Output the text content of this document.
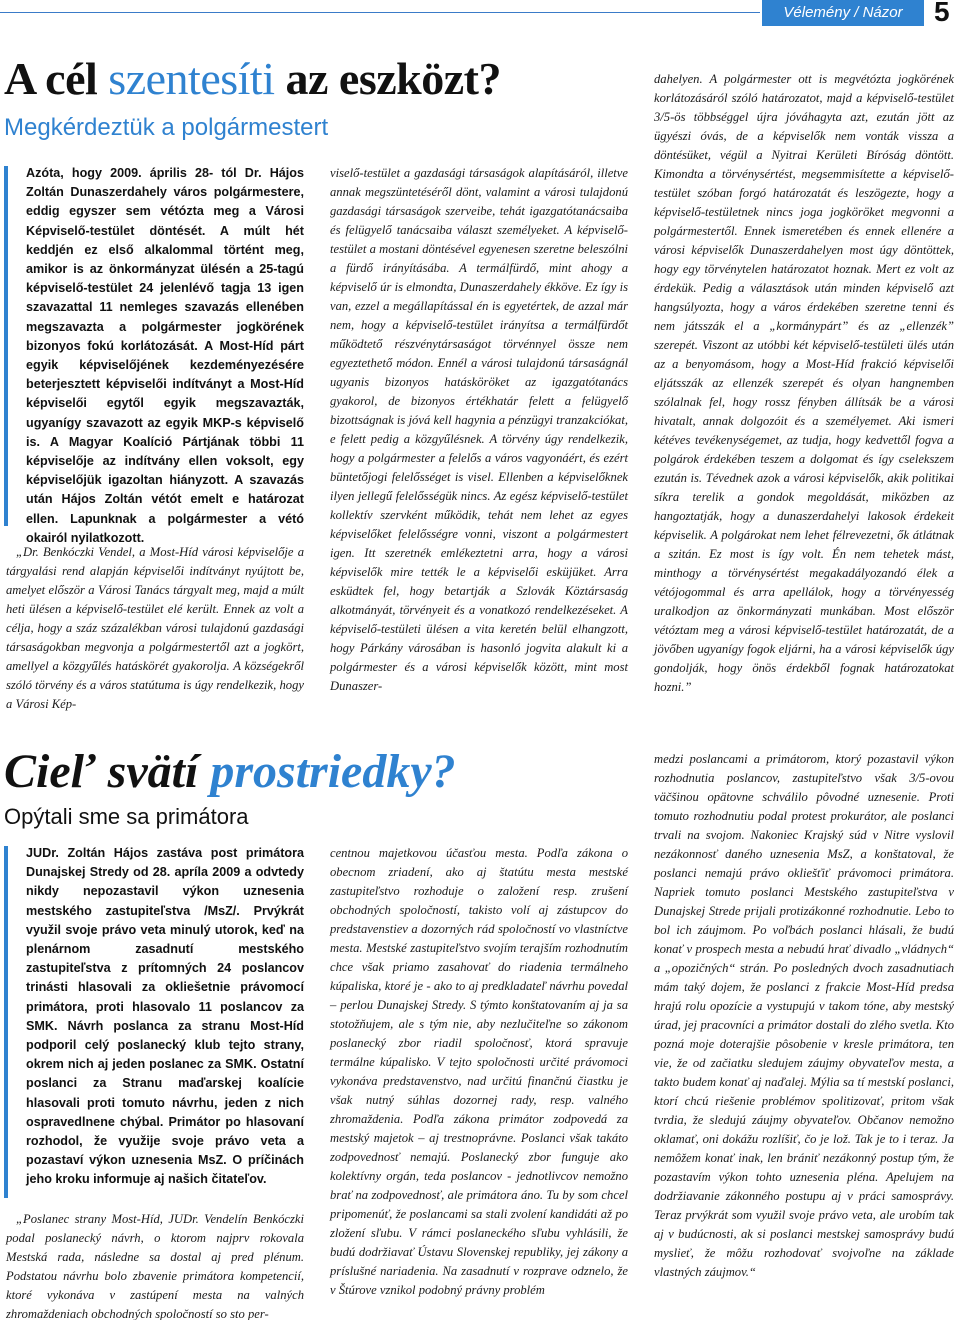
Vélemény / Názor	5
A cél szentesíti az eszközt?
Megkérdeztük a polgármestert
Azóta, hogy 2009. április 28- tól Dr. Hájos Zoltán Dunaszerdahely város polgármestere, eddig egyszer sem vétózta meg a Városi Képviselő-testület döntését. A múlt hét keddjén ez első alkalommal történt meg, amikor is az önkormányzat ülésén a 25-tagú képviselő-testület 24 jelenlévő tagja 13 igen szavazattal 11 nemleges szavazás ellenében megszavazta a polgármester jogkörének bizonyos fokú korlátozását. A Most-Híd párt egyik képviselőjének kezdeményezésére beterjesztett képviselői indítványt a Most-Híd képviselői egytől egyik megszavazták, ugyanígy szavazott az egyik MKP-s képviselő is. A Magyar Koalíció Pártjának többi 11 képviselője az indítvány ellen voksolt, egy képviselőjük igazoltan hiányzott. A szavazás után Hájos Zoltán vétót emelt e határozat ellen. Lapunknak a polgármester a vétó okairól nyilatkozott.

„Dr. Benkóczki Vendel, a Most-Híd városi képviselője a tárgyalási rend alapján képviselői indítványt nyújtott be, amelyet először a Városi Tanács tárgyalt meg, majd a múlt heti ülésen a képviselő-testület elé került. Ennek az volt a célja, hogy a száz százalékban városi tulajdonú gazdasági társaságokban megvonja a polgármestertől azt a jogkört, amellyel a közgyűlés hatáskörét gyakorolja. A községekről szóló törvény és a város statútuma is úgy rendelkezik, hogy a Városi Kép-

viselő-testület a gazdasági társaságok alapításáról, illetve annak megszüntetéséről dönt, valamint a városi tulajdonú gazdasági társaságok szerveibe, tehát igazgatótanácsaiba és felügyelő tanácsaiba választ személyeket. A képviselő-testület a mostani döntésével egyenesen szeretne beleszólni a fürdő irányításába. A termálfürdő, mint ahogy a képviselő úr is elmondta, Dunaszerdahely ékköve. Ez így is van, ezzel a megállapítással én is egyetértek, de azzal már nem, hogy a képviselő-testület irányítsa a termálfürdőt működtető részvénytársaságot törvénnyel össze nem egyeztethető módon. Ennél a városi tulajdonú társaságnál ugyanis bizonyos hatásköröket az igazgatótanács gyakorol, de bizonyos értékhatár felett a felügyelő bizottságnak is jóvá kell hagynia a pénzügyi tranzakciókat, e felett pedig a közgyűlésnek. A törvény úgy rendelkezik, hogy a polgármester a felelős a város vagyonáért, és ezért büntetőjogi felelősséget is visel. Ellenben a képviselőknek ilyen jellegű felelősségük nincs. Az egész képviselő-testület kollektív szervként működik, tehát nem lehet az egyes képviselőket felelősségre vonni, viszont a polgármestert igen. Itt szeretnék emlékeztetni arra, hogy a városi képviselők mire tették le a képviselői esküjüket. Arra esküdtek fel, hogy betartják a Szlovák Köztársaság alkotmányát, törvényeit és a vonatkozó rendelkezéseket. A képviselő-testületi ülésen a vita keretén belül elhangzott, hogy Párkány városában is hasonló jogvita alakult ki a polgármester és a városi képviselők között, mint most Dunaszer-

dahelyen. A polgármester ott is megvétózta jogkörének korlátozásáról szóló határozatot, majd a képviselő-testület 3/5-ös többséggel újra jóváhagyta azt, ezután jött az ügyészi óvás, de a képviselők nem vonták vissza a döntésüket, végül a Nyitrai Kerületi Bíróság döntött. Kimondta a törvénysértést, megsemmisítette a képviselő-testület szóban forgó határozatát és leszögezte, hogy a képviselő-testületnek nincs joga jogköröket megvonni a polgármestertől. Ennek ismeretében és ennek ellenére a városi képviselők Dunaszerdahelyen most úgy döntöttek, hogy egy törvénytelen határozatot hoznak. Mert ez volt az érdekük. Pedig a választások után minden képviselő azt hangsúlyozta, hogy a város érdekében szeretne tenni és nem játsszák el a „kormánypárt” és az „ellenzék” szerepét. Viszont az utóbbi két képviselő-testületi ülés után az a benyomásom, hogy a Most-Híd frakció képviselői eljátsszák az ellenzék szerepét és olyan hangnemben szólalnak fel, hogy rossz fényben állítsák be a városi hivatalt, annak dolgozóit és a személyemet. Aki ismeri kétéves tevékenységemet, az tudja, hogy kedvettől fogva a polgárok érdekében teszem a dolgomat és így cselekszem ezután is. Tévednek azok a városi képviselők, akik politikai síkra terelik a gondok megoldását, miközben az hangoztatják, hogy a dunaszerdahelyi lakosok érdekeit képviselik. A polgárokat nem lehet félrevezetni, ők átlátnak a szitán. Ez most is így volt. Én nem tehetek mást, minthogy a törvénysértést megakadályozandó élek a vétójogommal és arra apellálok, hogy a törvényesség uralkodjon az önkormányzati munkában. Most először vétóztam meg a városi képviselő-testület határozatát, de a jövőben ugyanígy fogok eljárni, ha a városi képviselők úgy gondolják, hogy önös érdekből fognak határozatokat hozni.”

Cieľ svätí prostriedky?
Opýtali sme sa primátora
JUDr. Zoltán Hájos zastáva post primátora Dunajskej Stredy od 28. apríla 2009 a odvtedy nikdy nepozastavil výkon uznesenia mestského zastupiteľstva /MsZ/. Prvýkrát využil svoje právo veta minulý utorok, keď na plenárnom zasadnutí mestského zastupiteľstva z prítomných 24 poslancov trinásti hlasovali za okliešetnie právomocí primátora, proti hlasovalo 11 poslancov za SMK. Návrh poslanca za stranu Most-Híd podporil celý poslanecký klub tejto strany, okrem nich aj jeden poslanec za SMK. Ostatní poslanci za Stranu maďarskej koalície hlasovali proti tomuto návrhu, jeden z nich ospravedlnene chýbal. Primátor po hlasovaní rozhodol, že využije svoje právo veta a pozastaví výkon uznesenia MsZ. O príčinách jeho kroku informuje aj našich čitateľov.

„Poslanec strany Most-Híd, JUDr. Vendelín Benkóczki podal poslanecký návrh, o ktorom najprv rokovala Mestská rada, následne sa dostal aj pred plénum. Podstatou návrhu bolo zbavenie primátora kompetencií, ktoré vykonáva v zastúpení mesta na valných zhromaždeniach obchodných spoločností so sto per-

centnou majetkovou účasťou mesta. Podľa zákona o obecnom zriadení, ako aj štatútu mesta mestské zastupiteľstvo rozhoduje o založení resp. zrušení obchodných spoločností, takisto volí aj zástupcov do predstavenstiev a dozorných rád spoločností vo vlastníctve mesta. Mestské zastupiteľstvo svojím terajším rozhodnutím chce však priamo zasahovať do riadenia termálneho kúpaliska, ktoré je - ako to aj predkladateľ návrhu povedal – perlou Dunajskej Stredy. S týmto konštatovaním aj ja sa stotožňujem, ale s tým nie, aby nezlučiteľne so zákonom poslanecký zbor riadil spoločnosť, ktorá spravuje termálne kúpalisko. V tejto spoločnosti určité právomoci vykonáva predstavenstvo, nad určitú finančnú čiastku je však nutný súhlas dozornej rady, resp. valného zhromaždenia. Podľa zákona primátor zodpovedá za mestský majetok – aj trestnoprávne. Poslanci však takáto zodpovednosť nemajú. Poslanecký zbor funguje ako kolektívny orgán, teda poslancov - jednotlivcov nemožno brať na zodpovednosť, ale primátora áno. Tu by som chcel pripomenúť, že poslancami sa stali zvolení kandidáti až po zložení sľubu. V rámci poslaneckého sľubu vyhlásili, že budú dodržiavať Ústavu Slovenskej republiky, jej zákony a príslušné nariadenia. Na zasadnutí v rozprave odznelo, že v Štúrove vznikol podobný právny problém

medzi poslancami a primátorom, ktorý pozastavil výkon rozhodnutia poslancov, zastupiteľstvo však 3/5-ovou väčšinou opätovne schválilo pôvodné uznesenie. Proti tomuto rozhodnutiu podal protest prokurátor, ale poslanci trvali na svojom. Nakoniec Krajský súd v Nitre vyslovil nezákonnosť daného uznesenia MsZ, a konštatoval, že poslanci nemajú právo okliešťiť právomoci primátora. Napriek tomuto poslanci Mestského zastupiteľstva v Dunajskej Strede prijali protizákonné rozhodnutie. Lebo to bol ich záujmom. Po voľbách poslanci hlásali, že budú konať v prospech mesta a nebudú hrať divadlo „vládnych“ a „opozičných“ strán. Po posledných dvoch zasadnutiach mám taký dojem, že poslanci z frakcie Most-Híd predsa hrajú rolu opozície a vystupujú v takom tóne, aby mestský úrad, jej pracovníci a primátor dostali do zlého svetla. Kto pozná moje doterajšie pôsobenie v kresle primátora, ten vie, že od začiatku sledujem záujmy obyvateľov mesta, a takto budem konať aj naďalej. Mýlia sa tí mestskí poslanci, ktorí chcú riešenie problémov spolitizovať, pritom však tvrdia, že sledujú záujmy obyvateľov. Občanov nemožno oklamať, oni dokážu rozlíšiť, čo je lož. Tak je to i teraz. Ja nemôžem konať inak, len brániť nezákonný postup tým, že pozastavím výkon tohto uznesenia pléna. Apelujem na dodržiavanie zákonného postupu aj v práci samosprávy. Teraz prvýkrát som využil svoje právo veta, ale urobím tak aj v budúcnosti, ak si poslanci mestskej samosprávy budú myslieť, že môžu rozhodovať svojvoľne na základe vlastných záujmov.“
